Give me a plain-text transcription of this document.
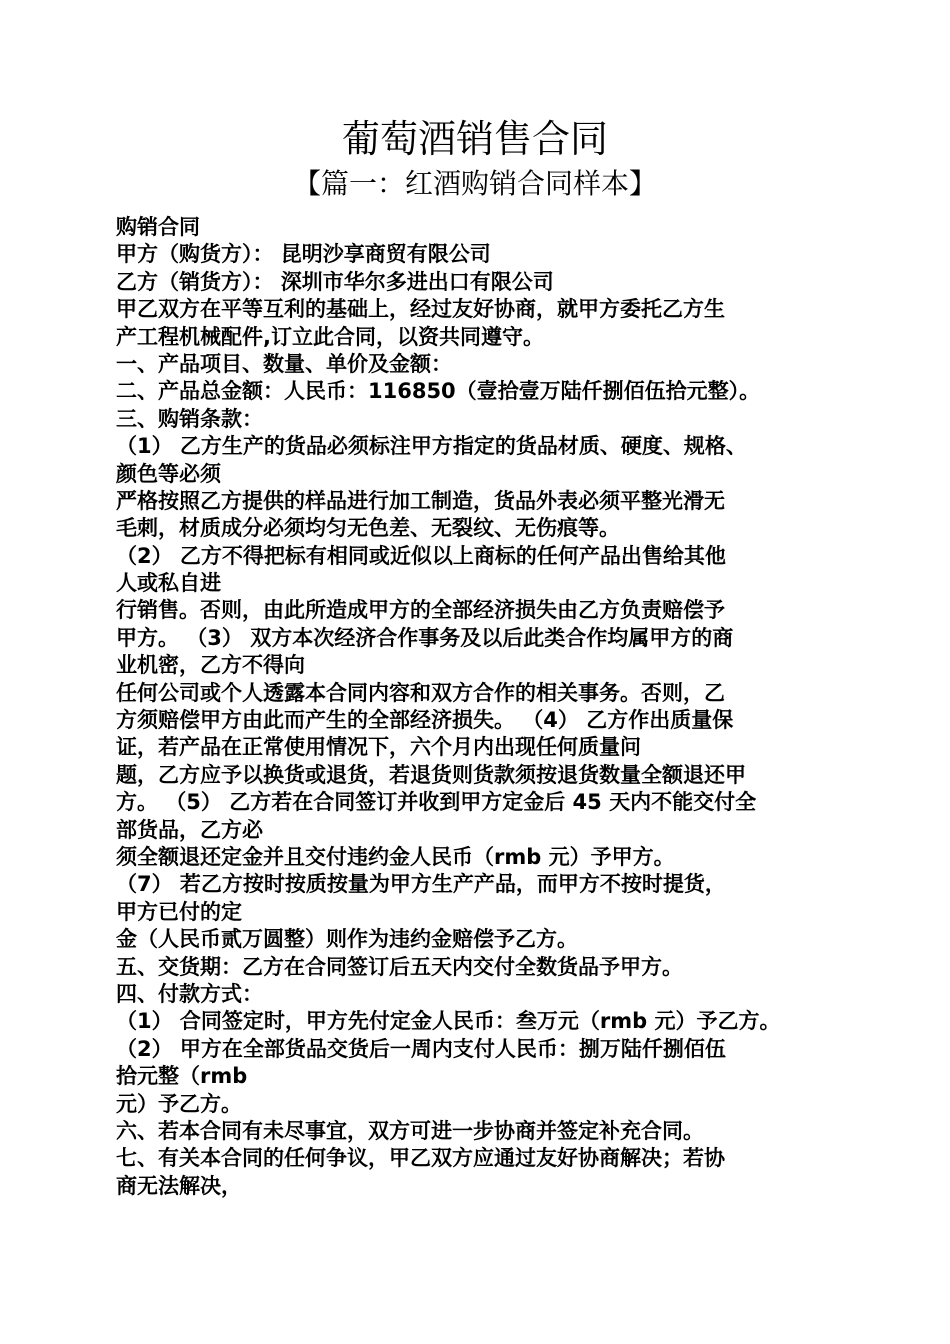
葡萄酒销售合同
【篇一：红酒购销合同样本】
购销合同
甲方（购货方）： 昆明沙享商贸有限公司
乙方（销货方）： 深圳市华尔多进出口有限公司
甲乙双方在平等互利的基础上，经过友好协商，就甲方委托乙方生
产工程机械配件,订立此合同，以资共同遵守。
一、产品项目、数量、单价及金额：
二、产品总金额：人民币：116850（壹拾壹万陆仟捌佰伍拾元整）。
三、购销条款：
（1） 乙方生产的货品必须标注甲方指定的货品材质、硬度、规格、
颜色等必须
严格按照乙方提供的样品进行加工制造，货品外表必须平整光滑无
毛刺，材质成分必须均匀无色差、无裂纹、无伤痕等。
（2） 乙方不得把标有相同或近似以上商标的任何产品出售给其他
人或私自进
行销售。否则，由此所造成甲方的全部经济损失由乙方负责赔偿予
甲方。 （3） 双方本次经济合作事务及以后此类合作均属甲方的商
业机密，乙方不得向
任何公司或个人透露本合同内容和双方合作的相关事务。否则，乙
方须赔偿甲方由此而产生的全部经济损失。 （4） 乙方作出质量保
证，若产品在正常使用情况下，六个月内出现任何质量问
题，乙方应予以换货或退货，若退货则货款须按退货数量全额退还甲
方。 （5） 乙方若在合同签订并收到甲方定金后 45 天内不能交付全
部货品，乙方必
须全额退还定金并且交付违约金人民币（rmb 元）予甲方。
（7） 若乙方按时按质按量为甲方生产产品，而甲方不按时提货，
甲方已付的定
金（人民币贰万圆整）则作为违约金赔偿予乙方。
五、交货期：乙方在合同签订后五天内交付全数货品予甲方。
四、付款方式：
（1） 合同签定时，甲方先付定金人民币：叁万元（rmb 元）予乙方。
（2） 甲方在全部货品交货后一周内支付人民币：捌万陆仟捌佰伍
拾元整（rmb
元）予乙方。
六、若本合同有未尽事宜，双方可进一步协商并签定补充合同。
七、有关本合同的任何争议，甲乙双方应通过友好协商解决；若协
商无法解决，
